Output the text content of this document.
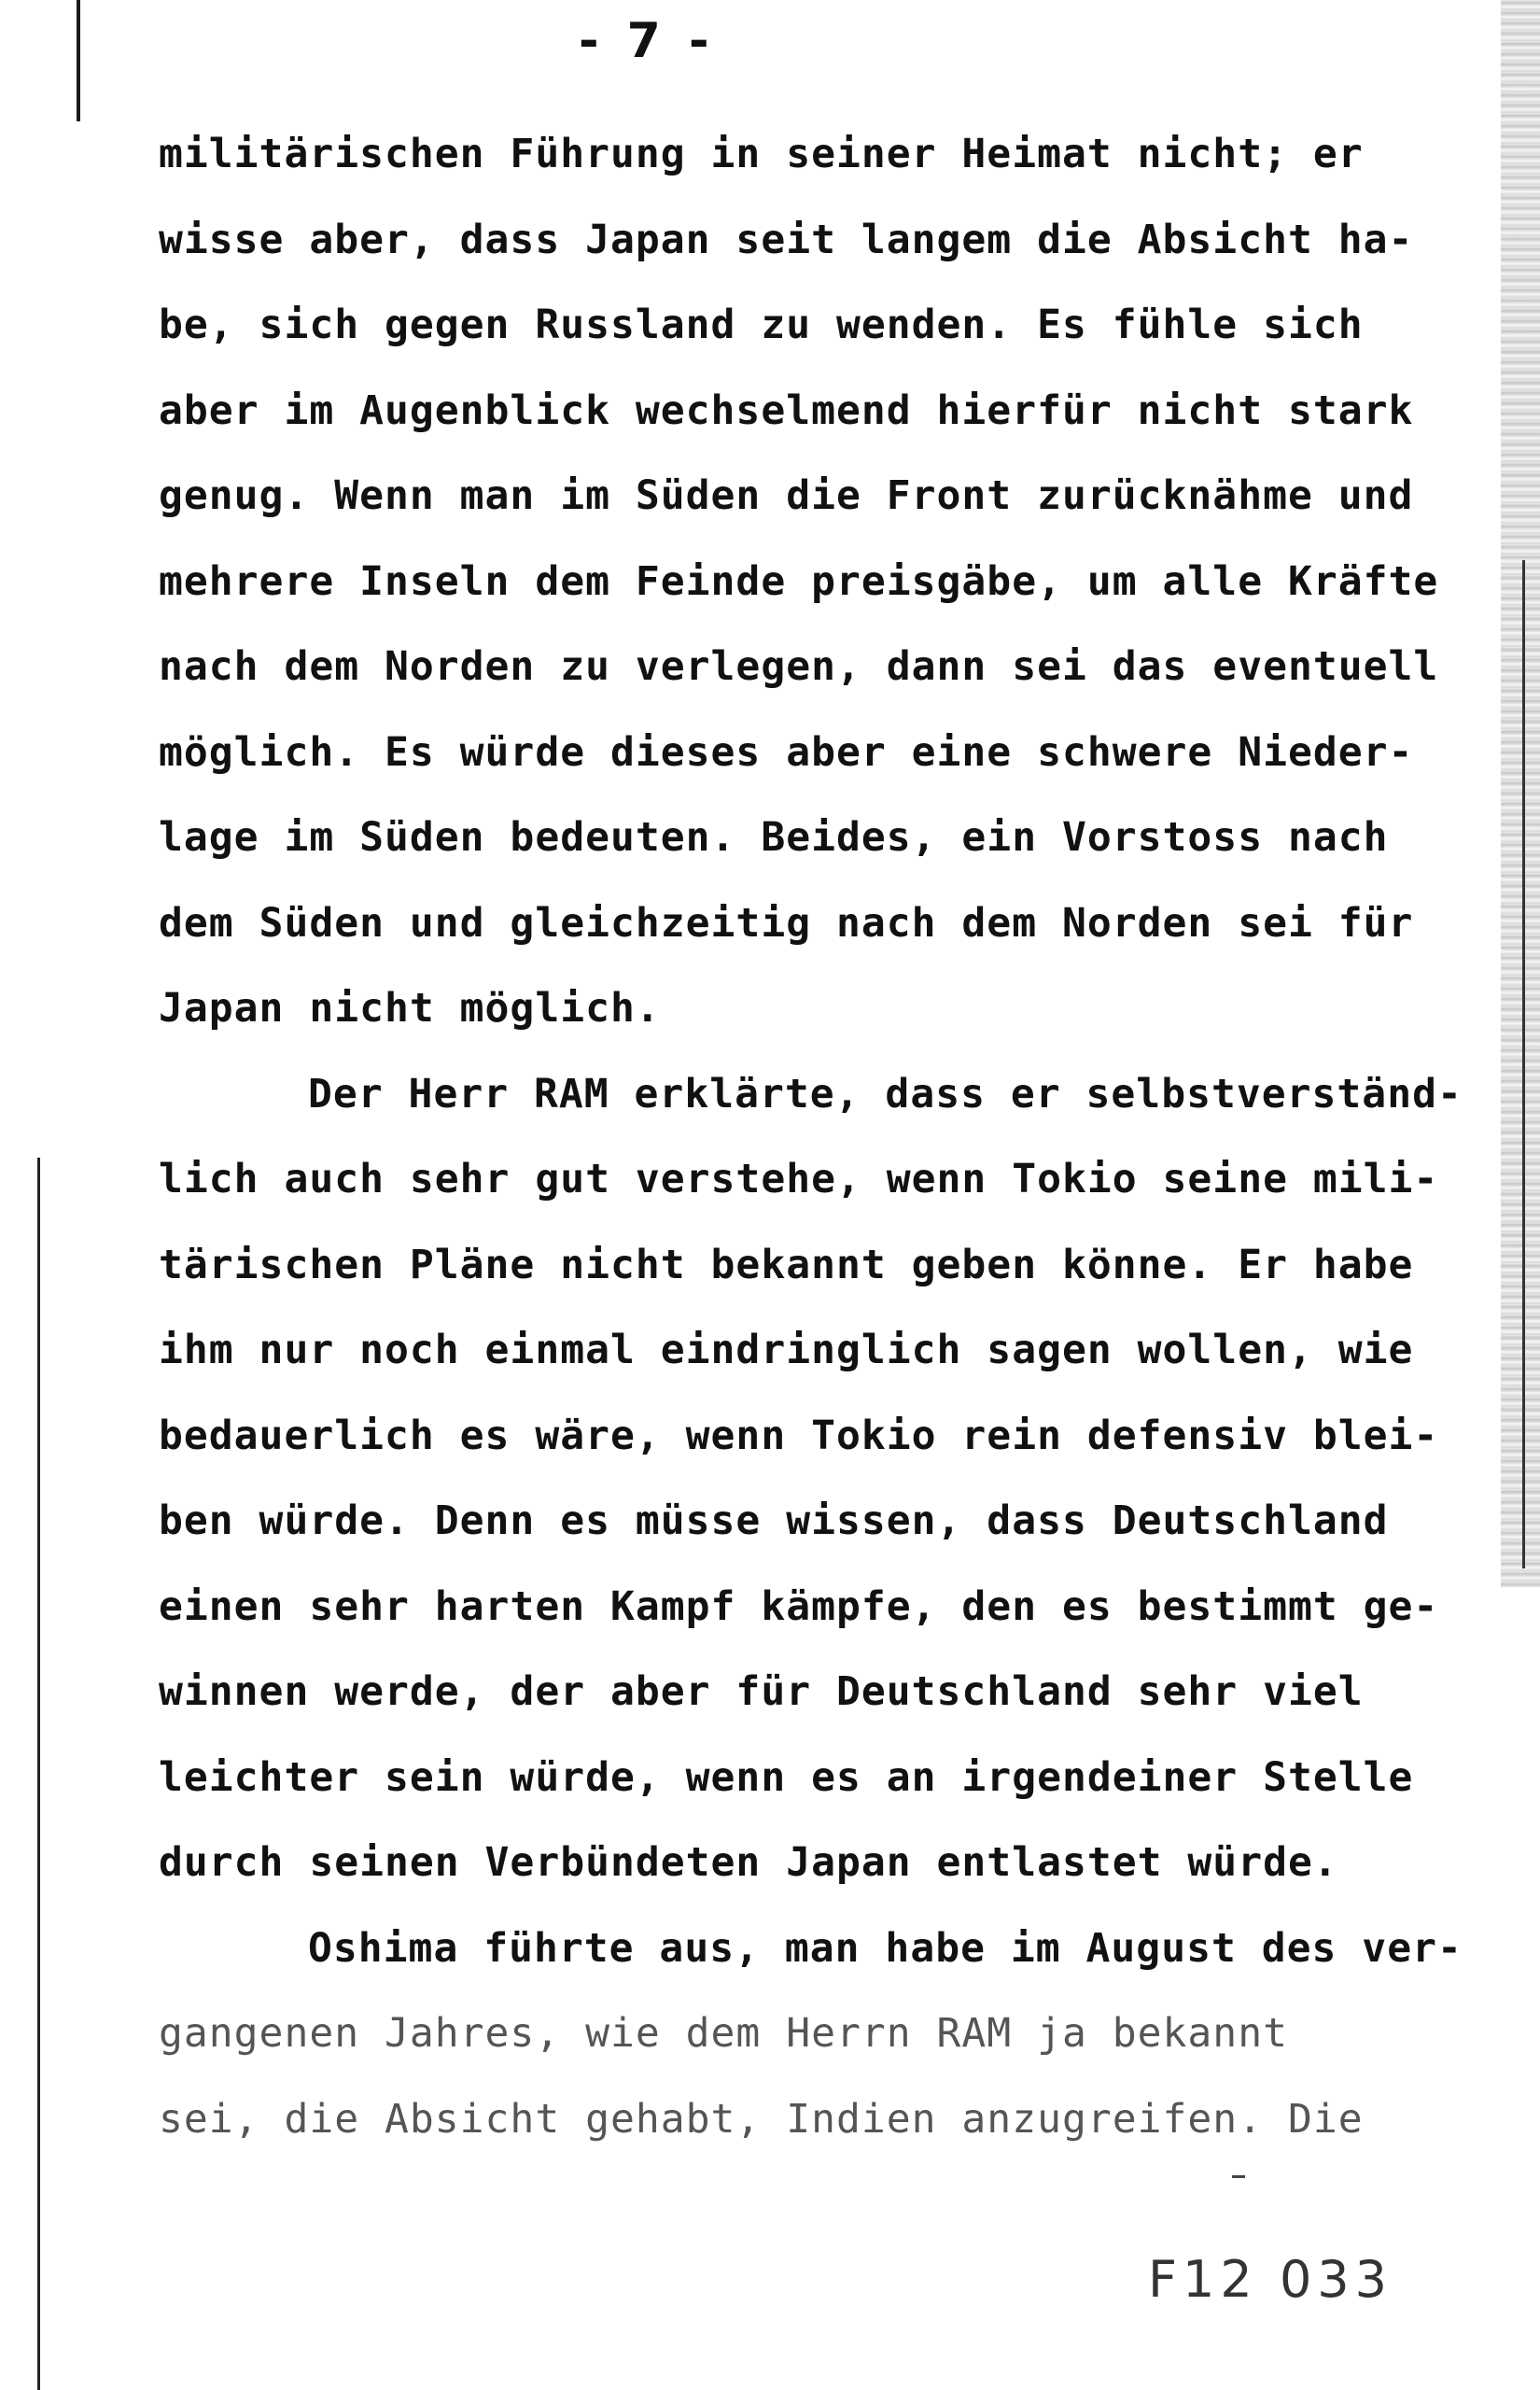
- 7 -
militärischen Führung in seiner Heimat nicht; er
wisse aber, dass Japan seit langem die Absicht ha-
be, sich gegen Russland zu wenden. Es fühle sich
aber im Augenblick wechselmend hierfür nicht stark
genug. Wenn man im Süden die Front zurücknähme und
mehrere Inseln dem Feinde preisgäbe, um alle Kräfte
nach dem Norden zu verlegen, dann sei das eventuell
möglich. Es würde dieses aber eine schwere Nieder-
lage im Süden bedeuten. Beides, ein Vorstoss nach
dem Süden und gleichzeitig nach dem Norden sei für
Japan nicht möglich.
Der Herr RAM erklärte, dass er selbstverständ-
lich auch sehr gut verstehe, wenn Tokio seine mili-
tärischen Pläne nicht bekannt geben könne. Er habe
ihm nur noch einmal eindringlich sagen wollen, wie
bedauerlich es wäre, wenn Tokio rein defensiv blei-
ben würde. Denn es müsse wissen, dass Deutschland
einen sehr harten Kampf kämpfe, den es bestimmt ge-
winnen werde, der aber für Deutschland sehr viel
leichter sein würde, wenn es an irgendeiner Stelle
durch seinen Verbündeten Japan entlastet würde.
Oshima führte aus, man habe im August des ver-
gangenen Jahres, wie dem Herrn RAM ja bekannt
sei, die Absicht gehabt, Indien anzugreifen. Die
F12 033
